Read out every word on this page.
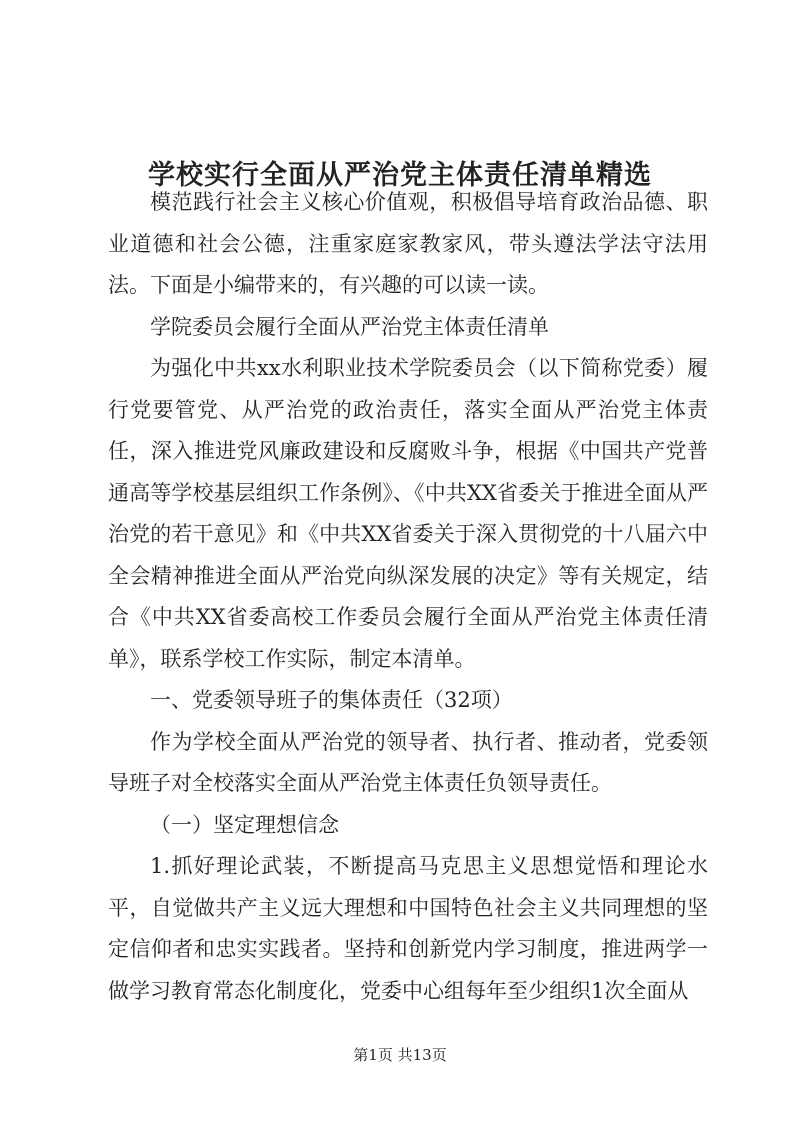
学校实行全面从严治党主体责任清单精选

模范践行社会主义核心价值观，积极倡导培育政治品德、职业道德和社会公德，注重家庭家教家风，带头遵法学法守法用法。下面是小编带来的，有兴趣的可以读一读。

学院委员会履行全面从严治党主体责任清单

为强化中共xx水利职业技术学院委员会（以下简称党委）履行党要管党、从严治党的政治责任，落实全面从严治党主体责任，深入推进党风廉政建设和反腐败斗争，根据《中国共产党普通高等学校基层组织工作条例》、《中共XX省委关于推进全面从严治党的若干意见》和《中共XX省委关于深入贯彻党的十八届六中全会精神推进全面从严治党向纵深发展的决定》等有关规定，结合《中共XX省委高校工作委员会履行全面从严治党主体责任清单》，联系学校工作实际，制定本清单。

一、党委领导班子的集体责任（32项）

作为学校全面从严治党的领导者、执行者、推动者，党委领导班子对全校落实全面从严治党主体责任负领导责任。

（一）坚定理想信念

1.抓好理论武装，不断提高马克思主义思想觉悟和理论水平，自觉做共产主义远大理想和中国特色社会主义共同理想的坚定信仰者和忠实实践者。坚持和创新党内学习制度，推进两学一做学习教育常态化制度化，党委中心组每年至少组织1次全面从

第1页 共13页
